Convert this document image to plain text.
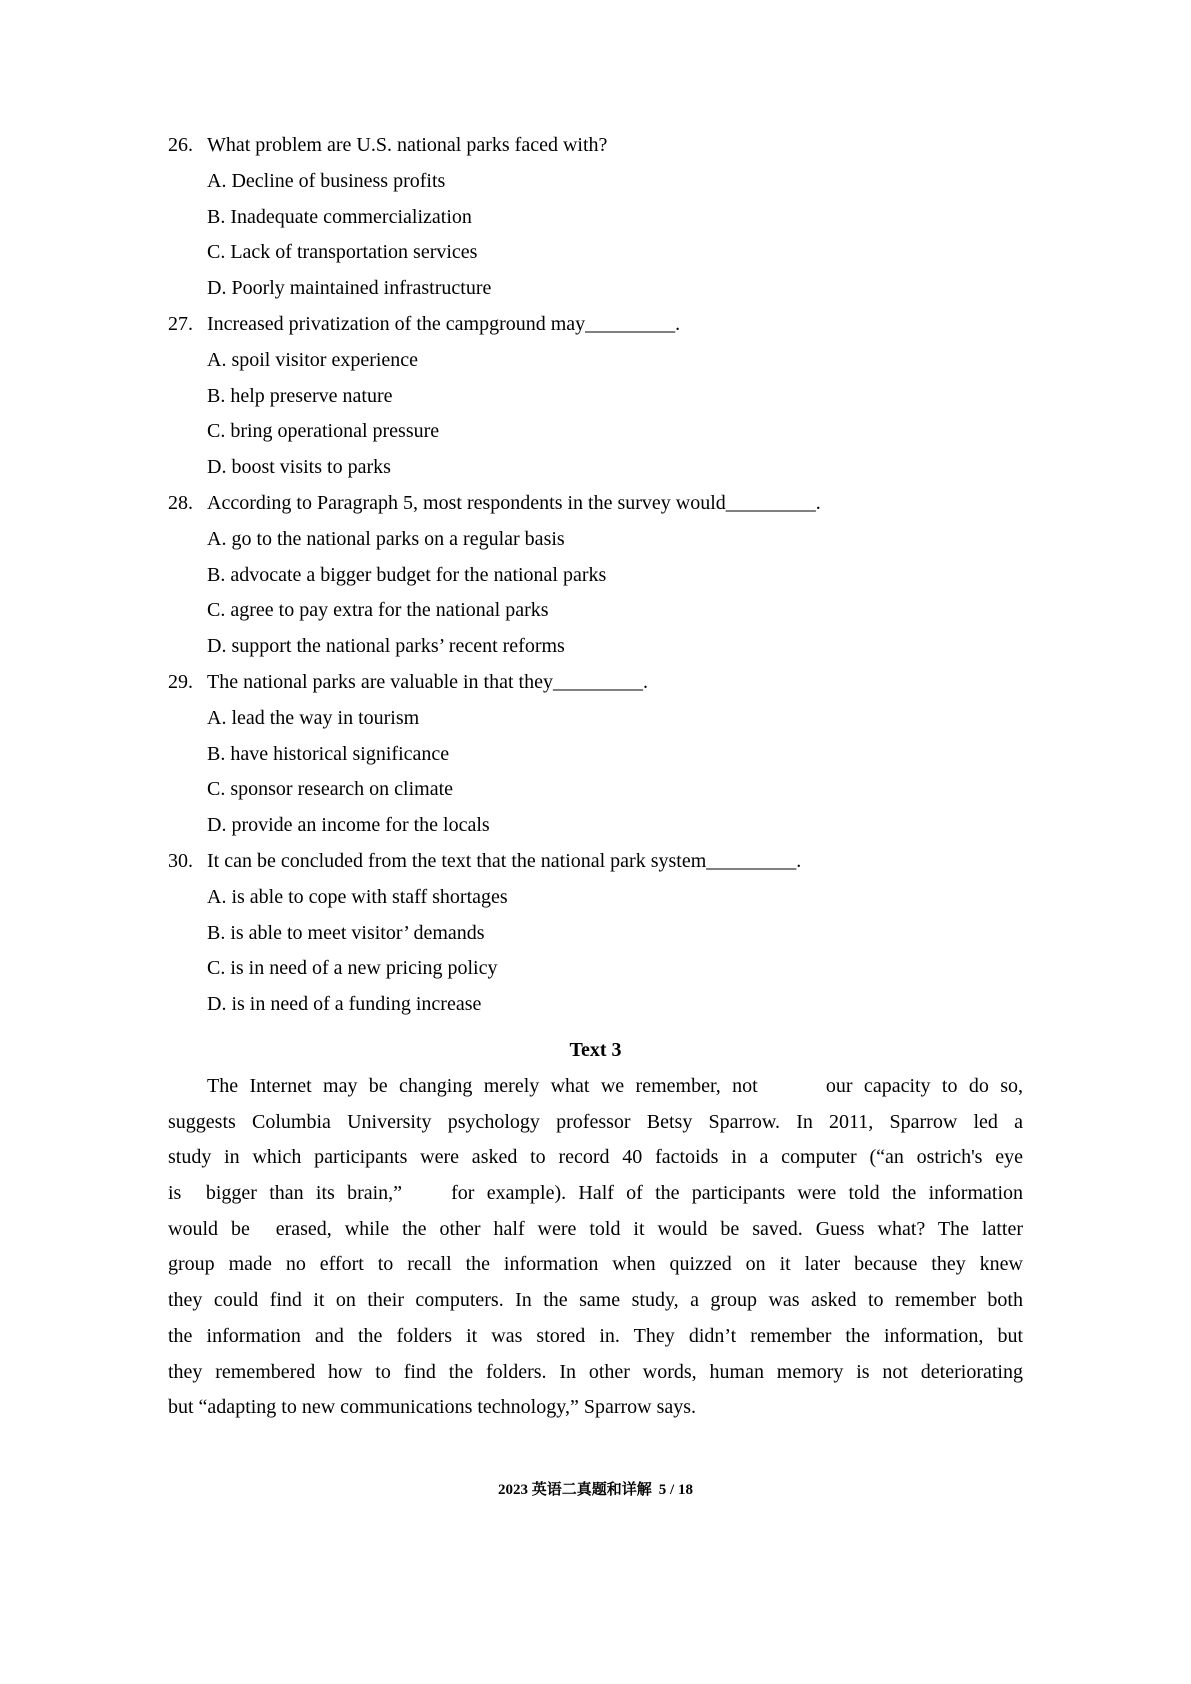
26. What problem are U.S. national parks faced with?
A. Decline of business profits
B. Inadequate commercialization
C. Lack of transportation services
D. Poorly maintained infrastructure
27. Increased privatization of the campground may_________.
A. spoil visitor experience
B. help preserve nature
C. bring operational pressure
D. boost visits to parks
28. According to Paragraph 5, most respondents in the survey would_________.
A. go to the national parks on a regular basis
B. advocate a bigger budget for the national parks
C. agree to pay extra for the national parks
D. support the national parks’ recent reforms
29. The national parks are valuable in that they_________.
A. lead the way in tourism
B. have historical significance
C. sponsor research on climate
D. provide an income for the locals
30. It can be concluded from the text that the national park system_________.
A. is able to cope with staff shortages
B. is able to meet visitor’ demands
C. is in need of a new pricing policy
D. is in need of a funding increase
Text 3
The Internet may be changing merely what we remember, not      our capacity to do so,
suggests Columbia University psychology professor Betsy Sparrow. In 2011, Sparrow led a
study in which participants were asked to record 40 factoids in a computer (“an ostrich's eye
is  bigger than its brain,”    for example). Half of the participants were told the information
would be  erased, while the other half were told it would be saved. Guess what? The latter
group made no effort to recall the information when quizzed on it later because they knew
they could find it on their computers. In the same study, a group was asked to remember both
the information and the folders it was stored in. They didn’t remember the information, but
they remembered how to find the folders. In other words, human memory is not deteriorating
but “adapting to new communications technology,” Sparrow says.
2023 英语二真题和详解 5 / 18
